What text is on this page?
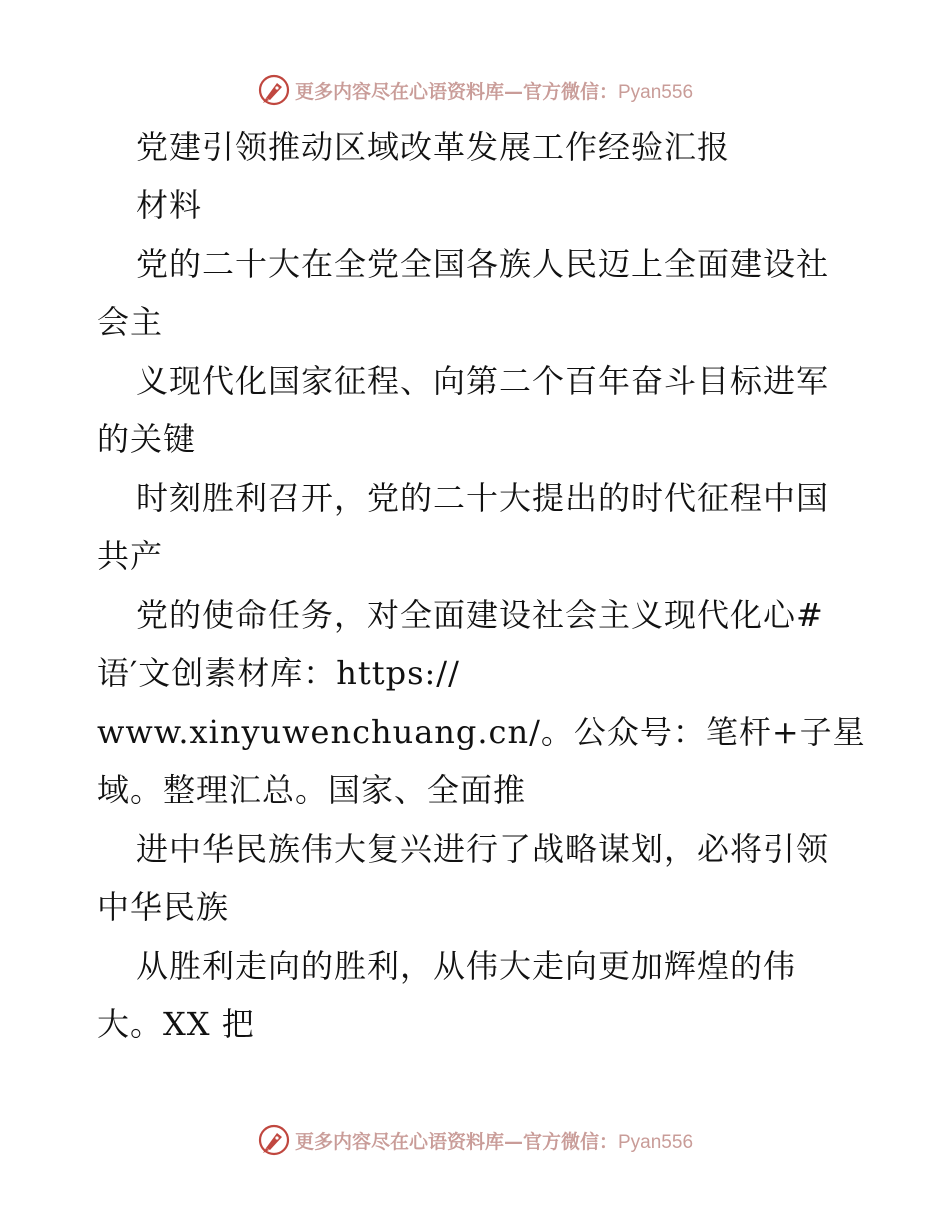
更多内容尽在心语资料库—官方微信：Pyan556
党建引领推动区域改革发展工作经验汇报
材料
党的二十大在全党全国各族人民迈上全面建设社
会主
义现代化国家征程、向第二个百年奋斗目标进军
的关键
时刻胜利召开，党的二十大提出的时代征程中国
共产
党的使命任务，对全面建设社会主义现代化心#
语′文创素材库：https://
www.xinyuwenchuang.cn/。公众号：笔杆+子星
域。整理汇总。国家、全面推
进中华民族伟大复兴进行了战略谋划，必将引领
中华民族
从胜利走向的胜利，从伟大走向更加辉煌的伟
大。XX 把
更多内容尽在心语资料库—官方微信：Pyan556
